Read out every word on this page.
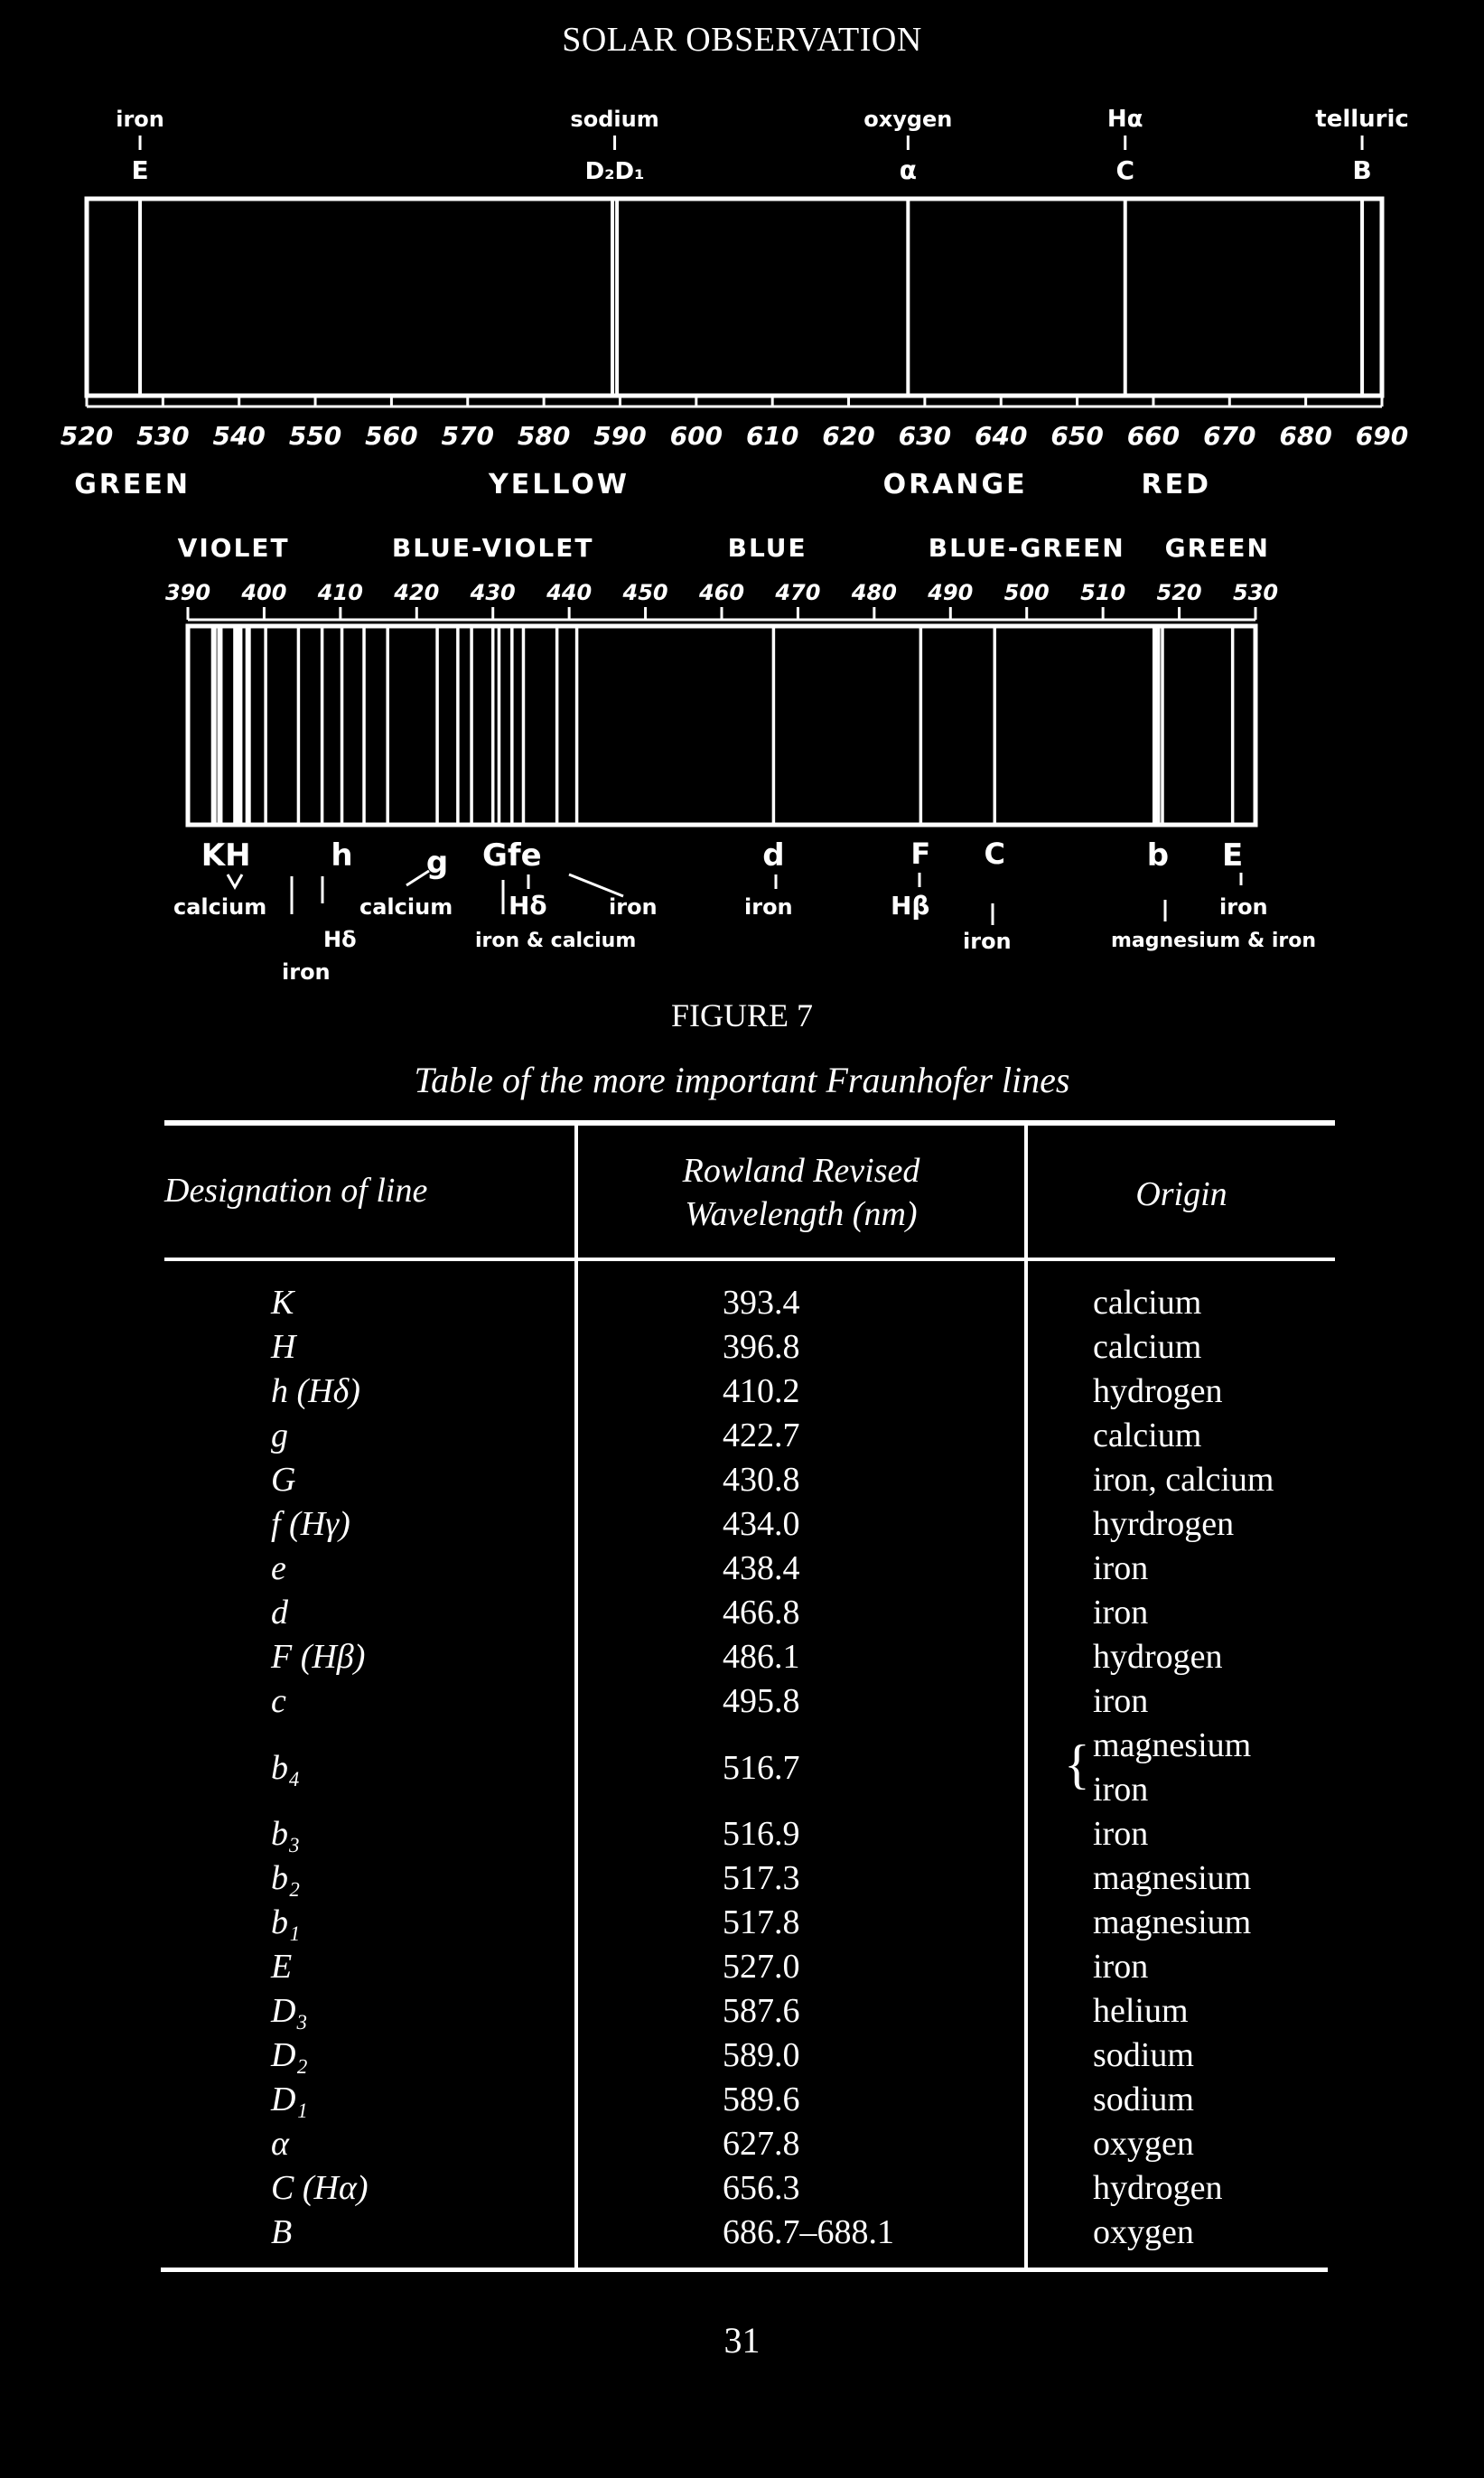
SOLAR OBSERVATION
iron	sodium	oxygen	Hα	telluric
E	D₂D₁	α	C	B
520 530 540 550 560 570 580 590 600 610 620 630 640 650 660 670 680 690
GREEN	YELLOW	ORANGE	RED
VIOLET	BLUE-VIOLET	BLUE	BLUE-GREEN GREEN
390 400 410 420 430 440 450 460 470 480 490 500 510 520 530
KH	h g Gfe	d	F C	b E
calcium
Hδ
iron
calcium Hδ
iron & calcium
iron	iron	Hβ
iron	magnesium & iron
iron
FIGURE 7
Table of the more important Fraunhofer lines
Designation of line
Rowland Revised
Wavelength (nm)
Origin
K	393.4	calcium
H	396.8	calcium
h (Hδ)	410.2	hydrogen
g	422.7	calcium
G	430.8	iron, calcium
f (Hγ)	434.0	hyrdrogen
e	438.4	iron
d	466.8	iron
F (Hβ)	486.1	hydrogen
c	495.8	iron
b₄	516.7	{ magnesium
iron
b₃	516.9	iron
b₂	517.3	magnesium
b₁	517.8	magnesium
E	527.0	iron
D₃	587.6	helium
D₂	589.0	sodium
D₁	589.6	sodium
α	627.8	oxygen
C (Hα)	656.3	hydrogen
B	686.7–688.1	oxygen
31
